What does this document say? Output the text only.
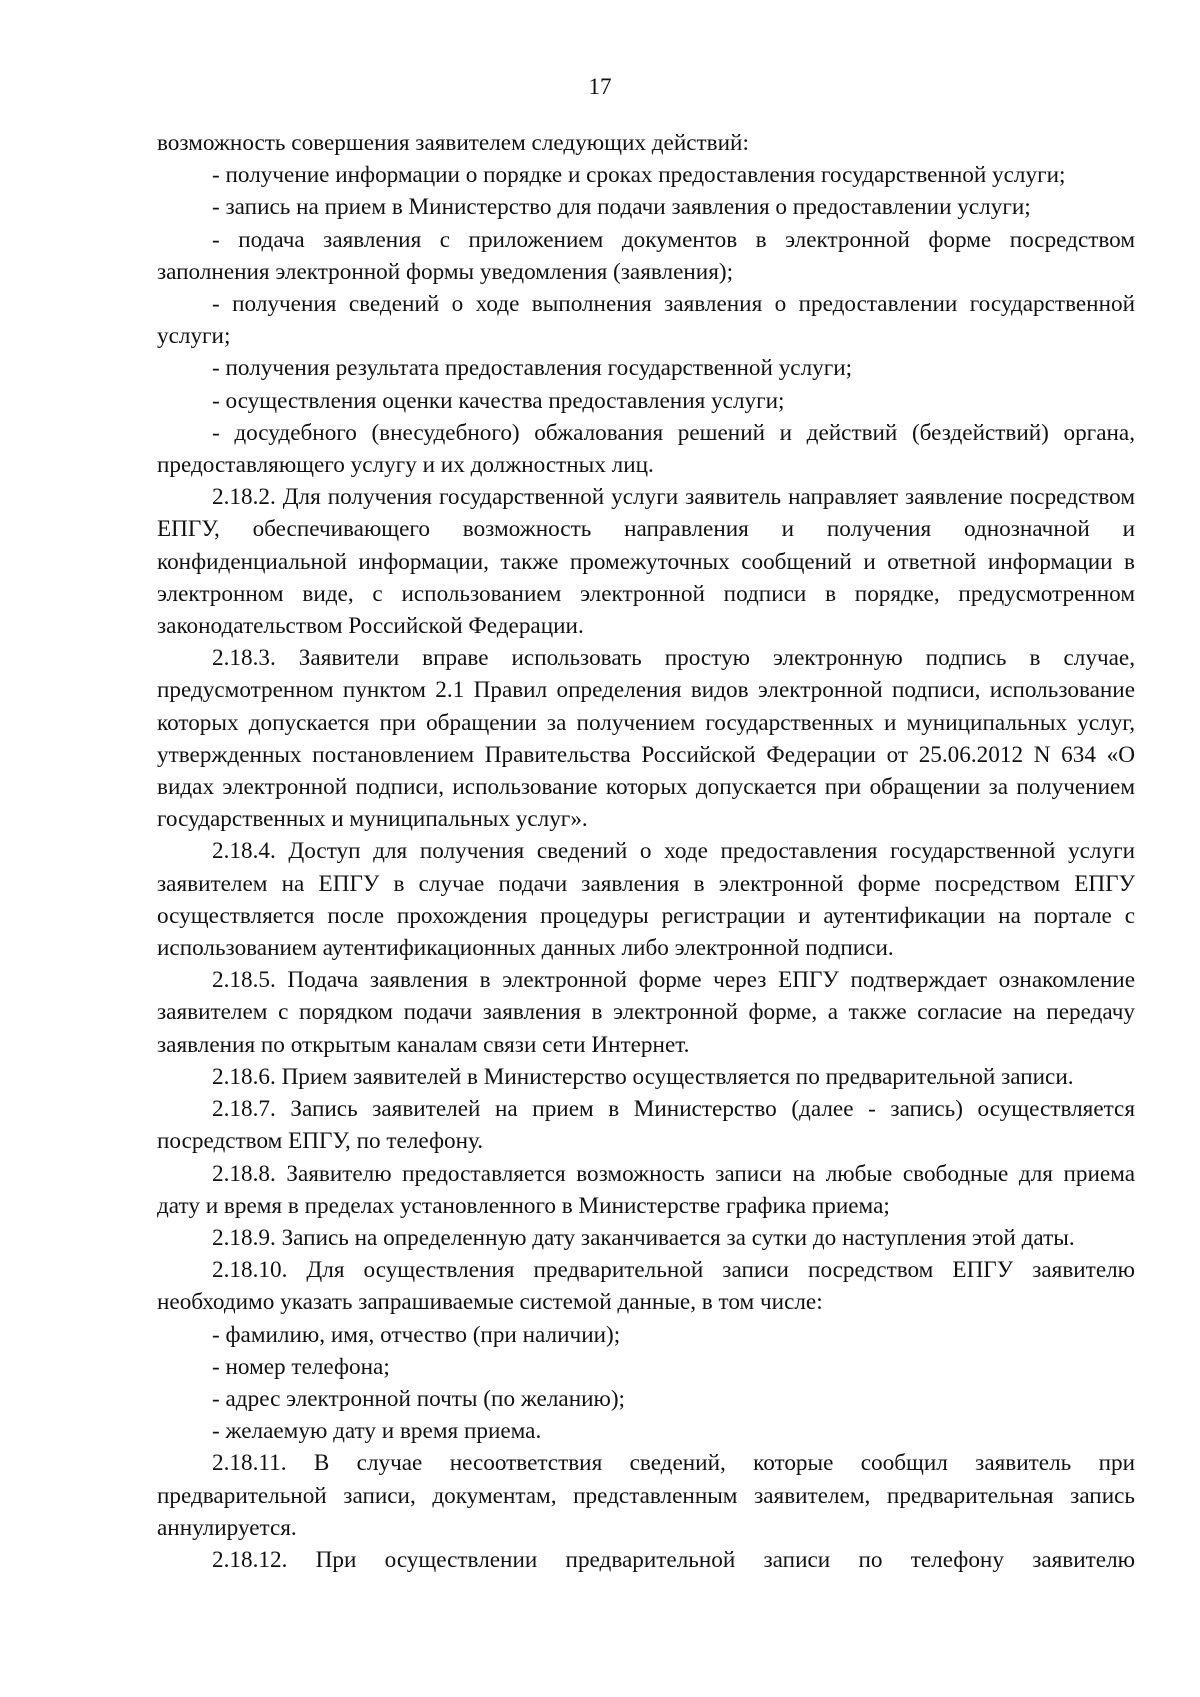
17

возможность совершения заявителем следующих действий:

- получение информации о порядке и сроках предоставления государственной услуги;

- запись на прием в Министерство для подачи заявления о предоставлении услуги;

- подача заявления с приложением документов в электронной форме посредством заполнения электронной формы уведомления (заявления);

- получения сведений о ходе выполнения заявления о предоставлении государственной услуги;

- получения результата предоставления государственной услуги;

- осуществления оценки качества предоставления услуги;

- досудебного (внесудебного) обжалования решений и действий (бездействий) органа, предоставляющего услугу и их должностных лиц.

2.18.2. Для получения государственной услуги заявитель направляет заявление посредством ЕПГУ, обеспечивающего возможность направления и получения однозначной и конфиденциальной информации, также промежуточных сообщений и ответной информации в электронном виде, с использованием электронной подписи в порядке, предусмотренном законодательством Российской Федерации.

2.18.3. Заявители вправе использовать простую электронную подпись в случае, предусмотренном пунктом 2.1 Правил определения видов электронной подписи, использование которых допускается при обращении за получением государственных и муниципальных услуг, утвержденных постановлением Правительства Российской Федерации от 25.06.2012 N 634 «О видах электронной подписи, использование которых допускается при обращении за получением государственных и муниципальных услуг».

2.18.4. Доступ для получения сведений о ходе предоставления государственной услуги заявителем на ЕПГУ в случае подачи заявления в электронной форме посредством ЕПГУ осуществляется после прохождения процедуры регистрации и аутентификации на портале с использованием аутентификационных данных либо электронной подписи.

2.18.5. Подача заявления в электронной форме через ЕПГУ подтверждает ознакомление заявителем с порядком подачи заявления в электронной форме, а также согласие на передачу заявления по открытым каналам связи сети Интернет.

2.18.6. Прием заявителей в Министерство осуществляется по предварительной записи.

2.18.7. Запись заявителей на прием в Министерство (далее - запись) осуществляется посредством ЕПГУ, по телефону.

2.18.8. Заявителю предоставляется возможность записи на любые свободные для приема дату и время в пределах установленного в Министерстве графика приема;

2.18.9. Запись на определенную дату заканчивается за сутки до наступления этой даты.

2.18.10. Для осуществления предварительной записи посредством ЕПГУ заявителю необходимо указать запрашиваемые системой данные, в том числе:

- фамилию, имя, отчество (при наличии);

- номер телефона;

- адрес электронной почты (по желанию);

- желаемую дату и время приема.

2.18.11. В случае несоответствия сведений, которые сообщил заявитель при предварительной записи, документам, представленным заявителем, предварительная запись аннулируется.

2.18.12. При осуществлении предварительной записи по телефону заявителю
